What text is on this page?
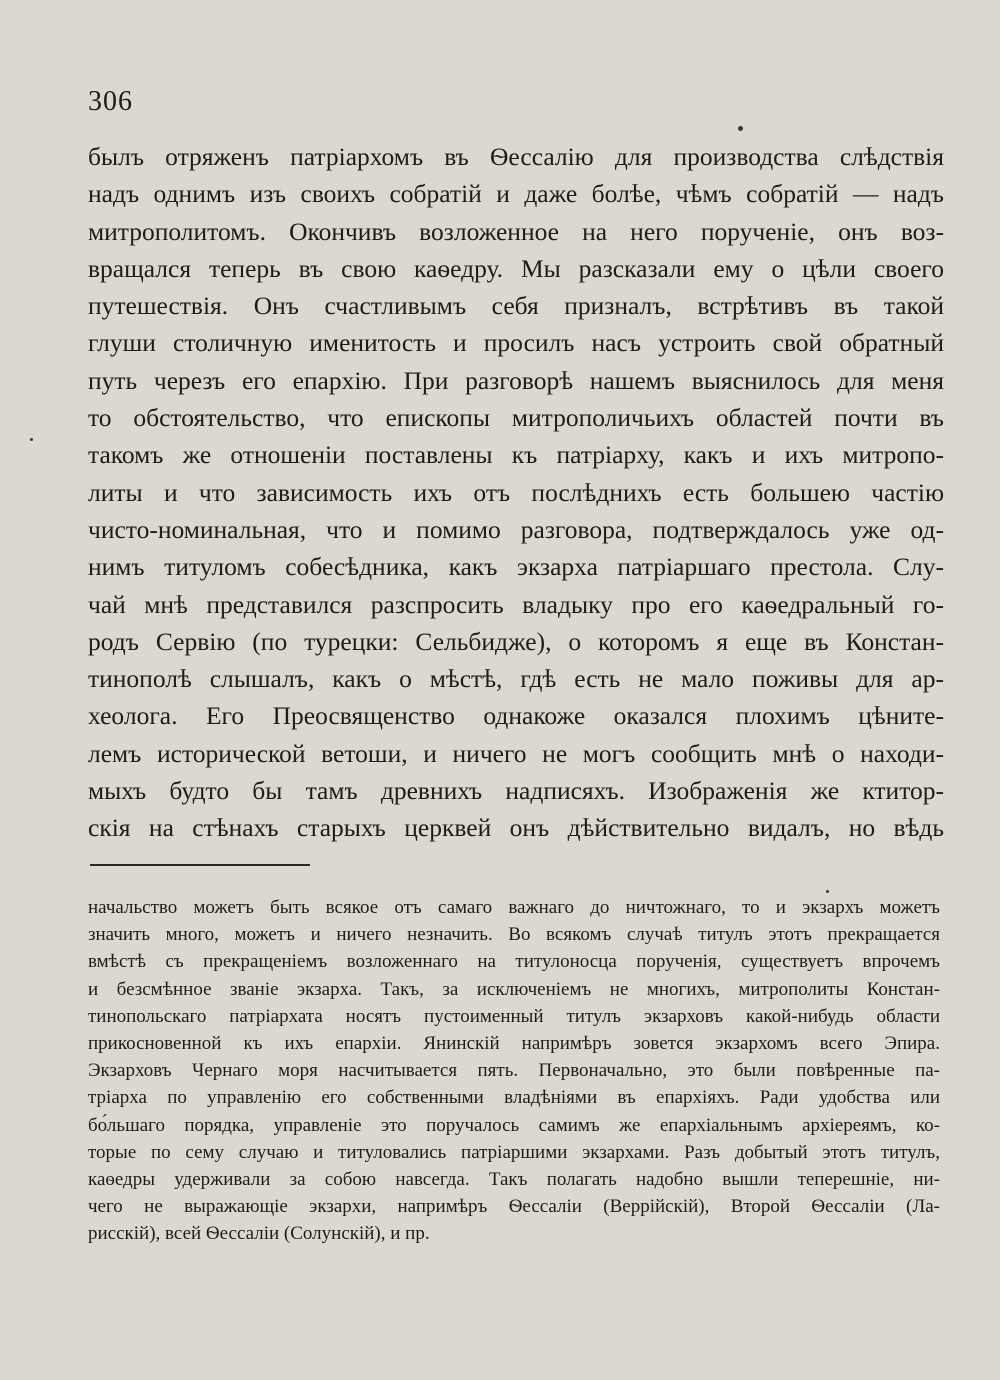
306
былъ отряженъ патріархомъ въ Ѳессалію для производства слѣдствія
надъ однимъ изъ своихъ собратій и даже болѣе, чѣмъ собратій — надъ
митрополитомъ. Окончивъ возложенное на него порученіе, онъ воз-
вращался теперь въ свою каѳедру. Мы разсказали ему о цѣли своего
путешествія. Онъ счастливымъ себя призналъ, встрѣтивъ въ такой
глуши столичную именитость и просилъ насъ устроить свой обратный
путь черезъ его епархію. При разговорѣ нашемъ выяснилось для меня
то обстоятельство, что епископы митрополичьихъ областей почти въ
такомъ же отношеніи поставлены къ патріарху, какъ и ихъ митропо-
литы и что зависимость ихъ отъ послѣднихъ есть большею частію
чисто-номинальная, что и помимо разговора, подтверждалось уже од-
нимъ титуломъ собесѣдника, какъ экзарха патріаршаго престола. Слу-
чай мнѣ представился разспросить владыку про его каѳедральный го-
родъ Сервію (по турецки: Сельбидже), о которомъ я еще въ Констан-
тинополѣ слышалъ, какъ о мѣстѣ, гдѣ есть не мало поживы для ар-
хеолога. Его Преосвященство однакоже оказался плохимъ цѣните-
лемъ исторической ветоши, и ничего не могъ сообщить мнѣ о находи-
мыхъ будто бы тамъ древнихъ надписяхъ. Изображенія же ктитор-
скія на стѣнахъ старыхъ церквей онъ дѣйствительно видалъ, но вѣдь
начальство можетъ быть всякое отъ самаго важнаго до ничтожнаго, то и экзархъ можетъ
значить много, можетъ и ничего незначить. Во всякомъ случаѣ титулъ этотъ прекращается
вмѣстѣ съ прекращеніемъ возложеннаго на титулоносца порученія, существуетъ впрочемъ
и безсмѣнное званіе экзарха. Такъ, за исключеніемъ не многихъ, митрополиты Констан-
тинопольскаго патріархата носятъ пустоименный титулъ экзарховъ какой-нибудь области
прикосновенной къ ихъ епархіи. Янинскій напримѣръ зовется экзархомъ всего Эпира.
Экзарховъ Чернаго моря насчитывается пять. Первоначально, это были повѣренные па-
тріарха по управленію его собственными владѣніями въ епархіяхъ. Ради удобства или
бо́льшаго порядка, управленіе это поручалось самимъ же епархіальнымъ архіереямъ, ко-
торые по сему случаю и титуловались патріаршими экзархами. Разъ добытый этотъ титулъ,
каѳедры удерживали за собою навсегда. Такъ полагать надобно вышли теперешніе, ни-
чего не выражающіе экзархи, напримѣръ Ѳессаліи (Веррійскій), Второй Ѳессаліи (Ла-
рисскій), всей Ѳессаліи (Солунскій), и пр.
